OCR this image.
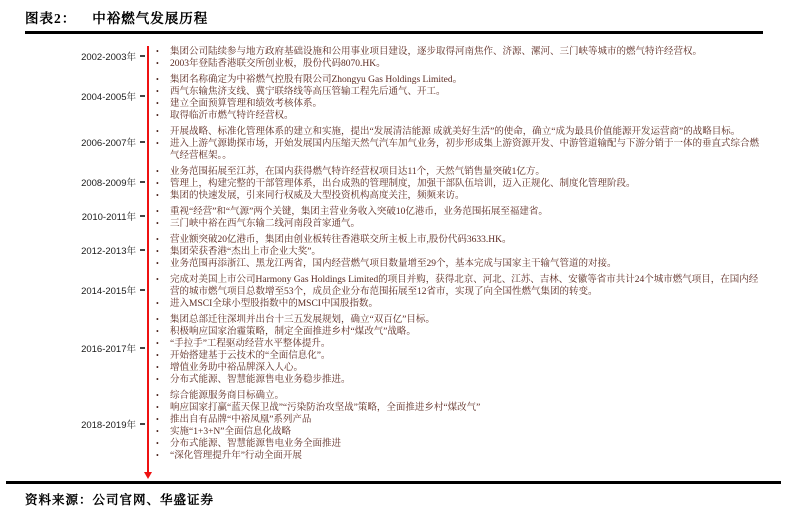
图表2： 中裕燃气发展历程
2002-2003年
•	集团公司陆续参与地方政府基础设施和公用事业项目建设，逐步取得河南焦作、济源、漯河、三门峡等城市的燃气特许经营权。
•	2003年登陆香港联交所创业板，股份代码8070.HK。
2004-2005年
•	集团名称确定为中裕燃气控股有限公司Zhongyu Gas Holdings Limited。
•	西气东输焦济支线、冀宁联络线等高压管输工程先后通气、开工。
•	建立全面预算管理和绩效考核体系。
•	取得临沂市燃气特许经营权。
2006-2007年
•	开展战略、标准化管理体系的建立和实施，提出“发展清洁能源 成就美好生活”的使命，确立“成为最具价值能源开发运营商”的战略目标。
•	进入上游气源勘探市场，开始发展国内压缩天然气汽车加气业务，初步形成集上游资源开发、中游管道输配与下游分销于一体的垂直式综合燃气经营框架。。
2008-2009年
•	业务范围拓展至江苏，在国内获得燃气特许经营权项目达11个，天然气销售量突破1亿方。
•	管理上，构建完整的干部管理体系，出台成熟的管理制度，加强干部队伍培训，迈入正规化、制度化管理阶段。
•	集团的快速发展，引来同行权威及大型投资机构高度关注，频频来访。
2010-2011年
•	重视“经营”和“气源”两个关键，集团主营业务收入突破10亿港币，业务范围拓展至福建省。
•	三门峡中裕在西气东输二线河南段首家通气。
2012-2013年
•	营业额突破20亿港币，集团由创业板转往香港联交所主板上市,股份代码3633.HK。
•	集团荣获香港“杰出上市企业大奖”。
•	业务范围再添浙江、黑龙江两省，国内经营燃气项目数量增至29个，基本完成与国家主干输气管道的对接。
2014-2015年
•	完成对美国上市公司Harmony Gas Holdings Limited的项目并购，获得北京、河北、江苏、吉林、安徽等省市共计24个城市燃气项目，在国内经营的城市燃气项目总数增至53个，成员企业分布范围拓展至12省市，实现了向全国性燃气集团的转变。
•	进入MSCI全球小型股指数中的MSCI中国股指数。
2016-2017年
•	集团总部迁往深圳并出台十三五发展规划，确立“双百亿”目标。
•	积极响应国家治霾策略，制定全面推进乡村“煤改气”战略。
•	“手拉手”工程驱动经营水平整体提升。
•	开始搭建基于云技术的“全面信息化”。
•	增值业务助中裕品牌深入人心。
•	分布式能源、智慧能源售电业务稳步推进。
2018-2019年
•	综合能源服务商目标确立。
•	响应国家打赢“蓝天保卫战”“污染防治攻坚战”策略，全面推进乡村“煤改气”
•	推出自有品牌“中裕凤凰”系列产品
•	实施“1+3+N”全面信息化战略
•	分布式能源、智慧能源售电业务全面推进
•	“深化管理提升年”行动全面开展
资料来源：公司官网、华盛证券
